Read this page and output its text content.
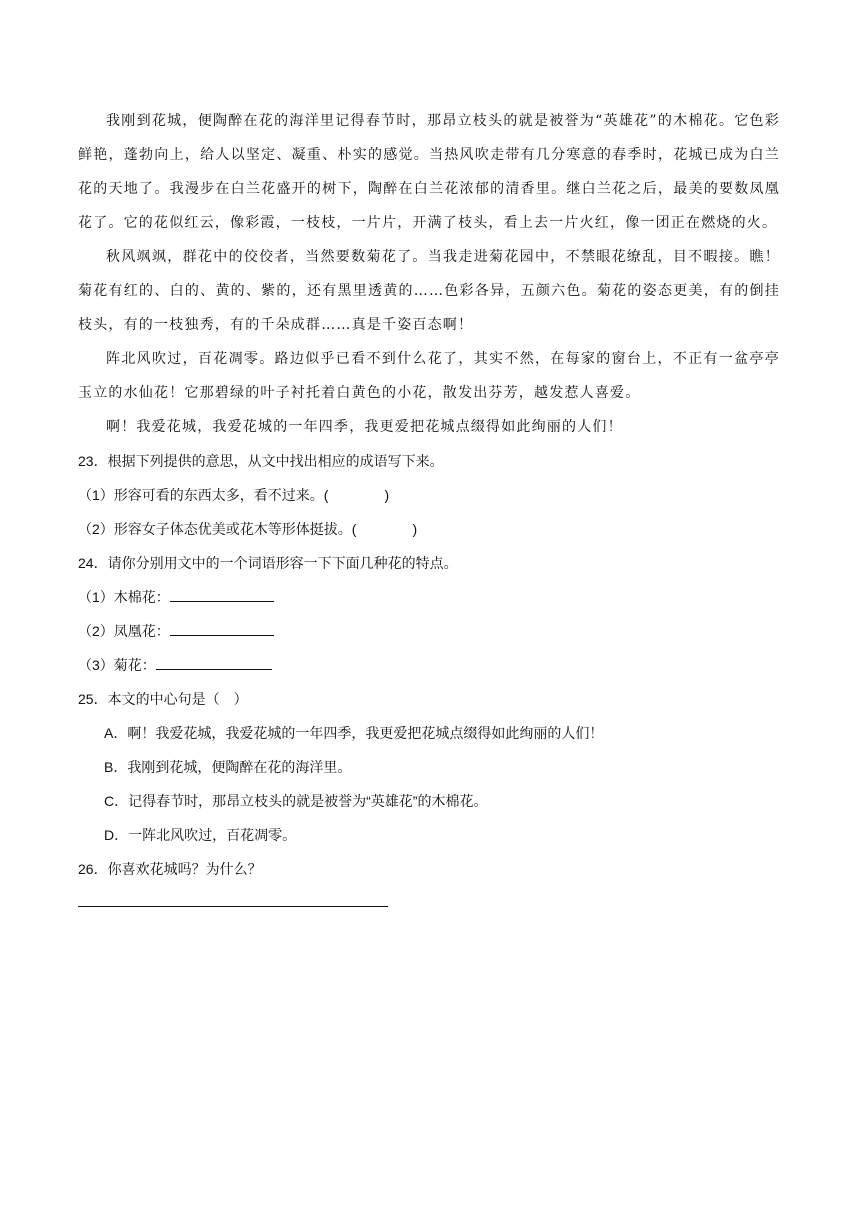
我刚到花城，便陶醉在花的海洋里记得春节时，那昂立枝头的就是被誉为“英雄花”的木棉花。它色彩鲜艳，蓬勃向上，给人以坚定、凝重、朴实的感觉。当热风吹走带有几分寒意的春季时，花城已成为白兰花的天地了。我漫步在白兰花盛开的树下，陶醉在白兰花浓郁的清香里。继白兰花之后，最美的要数凤凰花了。它的花似红云，像彩霞，一枝枝，一片片，开满了枝头，看上去一片火红，像一团正在燃烧的火。

秋风飒飒，群花中的佼佼者，当然要数菊花了。当我走进菊花园中，不禁眼花缭乱，目不暇接。瞧！菊花有红的、白的、黄的、紫的，还有黑里透黄的……色彩各异，五颜六色。菊花的姿态更美，有的倒挂枝头，有的一枝独秀，有的千朵成群……真是千姿百态啊！

阵北风吹过，百花凋零。路边似乎已看不到什么花了，其实不然，在每家的窗台上，不正有一盆亭亭玉立的水仙花！它那碧绿的叶子衬托着白黄色的小花，散发出芬芳，越发惹人喜爱。

啊！我爱花城，我爱花城的一年四季，我更爱把花城点缀得如此绚丽的人们！

23．根据下列提供的意思，从文中找出相应的成语写下来。
（1）形容可看的东西太多，看不过来。(	)
（2）形容女子体态优美或花木等形体挺拔。(	)
24．请你分别用文中的一个词语形容一下下面几种花的特点。
（1）木棉花：
（2）凤凰花：
（3）菊花：
25．本文的中心句是（　）
A．啊！我爱花城，我爱花城的一年四季，我更爱把花城点缀得如此绚丽的人们！
B．我刚到花城，便陶醉在花的海洋里。
C．记得春节时，那昂立枝头的就是被誉为“英雄花”的木棉花。
D．一阵北风吹过，百花凋零。
26．你喜欢花城吗？为什么？
